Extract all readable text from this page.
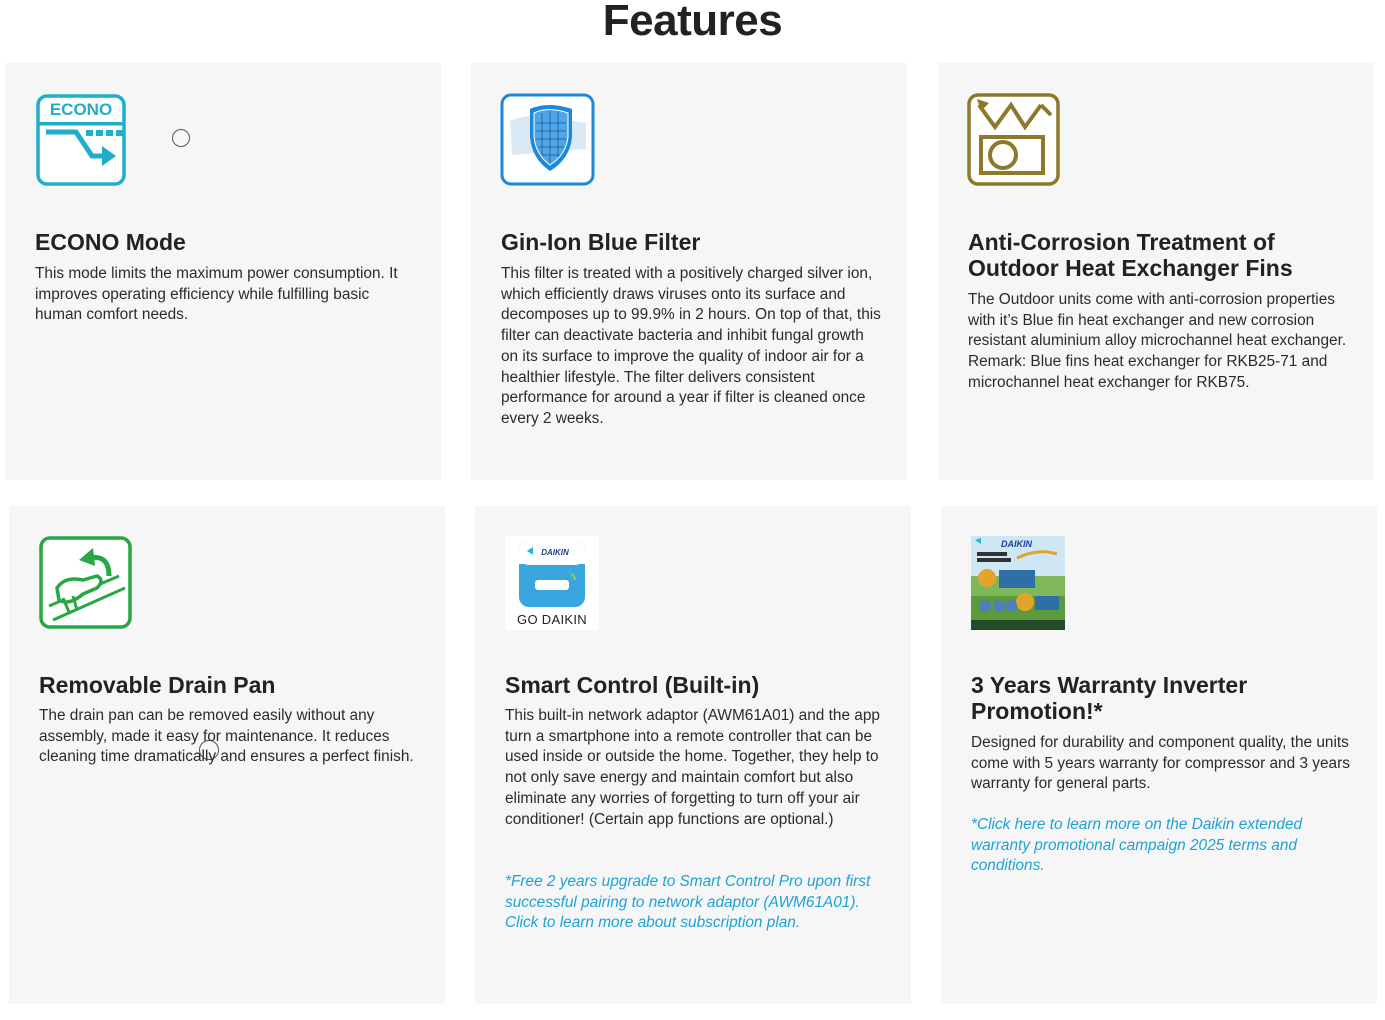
Features
ECONO
ECONO Mode

This mode limits the maximum power consumption. It improves operating efficiency while fulfilling basic human comfort needs.

Gin-Ion Blue Filter

This filter is treated with a positively charged silver ion, which efficiently draws viruses onto its surface and decomposes up to 99.9% in 2 hours. On top of that, this filter can deactivate bacteria and inhibit fungal growth on its surface to improve the quality of indoor air for a healthier lifestyle. The filter delivers consistent performance for around a year if filter is cleaned once every 2 weeks.

Anti-Corrosion Treatment of Outdoor Heat Exchanger Fins

The Outdoor units come with anti-corrosion properties with it’s Blue fin heat exchanger and new corrosion resistant aluminium alloy microchannel heat exchanger.

Remark: Blue fins heat exchanger for RKB25-71 and microchannel heat exchanger for RKB75.

Removable Drain Pan

The drain pan can be removed easily without any assembly, made it easy for maintenance. It reduces cleaning time dramatically and ensures a perfect finish.

DAIKIN
GO DAIKIN
Smart Control (Built-in)

This built-in network adaptor (AWM61A01) and the app turn a smartphone into a remote controller that can be used inside or outside the home. Together, they help to not only save energy and maintain comfort but also eliminate any worries of forgetting to turn off your air conditioner! (Certain app functions are optional.)

*Free 2 years upgrade to Smart Control Pro upon first successful pairing to network adaptor (AWM61A01). Click to learn more about subscription plan.
DAIKIN
3 Years Warranty Inverter Promotion!*

Designed for durability and component quality, the units come with 5 years warranty for compressor and 3 years warranty for general parts.

*Click here to learn more on the Daikin extended warranty promotional campaign 2025 terms and conditions.
